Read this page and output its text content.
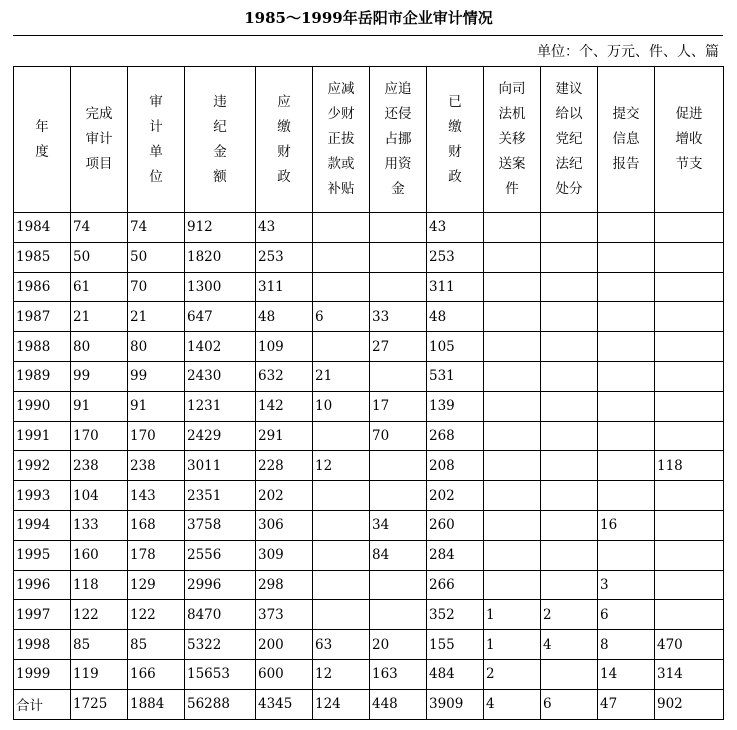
1985～1999年岳阳市企业审计情况
单位：个、万元、件、人、篇
年
度	完成
审计
项目	审
计
单
位	违
纪
金
额	应
缴
财
政	应减
少财
正拔
款或
补贴	应追
还侵
占挪
用资
金	已
缴
财
政	向司
法机
关移
送案
件	建议
给以
党纪
法纪
处分	提交
信息
报告	促进
增收
节支

1984	74	74	912	43			43				
1985	50	50	1820	253			253				
1986	61	70	1300	311			311				
1987	21	21	647	48	6	33	48				
1988	80	80	1402	109		27	105				
1989	99	99	2430	632	21		531				
1990	91	91	1231	142	10	17	139				
1991	170	170	2429	291		70	268				
1992	238	238	3011	228	12		208				118
1993	104	143	2351	202			202				
1994	133	168	3758	306		34	260			16	
1995	160	178	2556	309		84	284				
1996	118	129	2996	298			266			3	
1997	122	122	8470	373			352	1	2	6	
1998	85	85	5322	200	63	20	155	1	4	8	470
1999	119	166	15653	600	12	163	484	2		14	314
合计	1725	1884	56288	4345	124	448	3909	4	6	47	902
